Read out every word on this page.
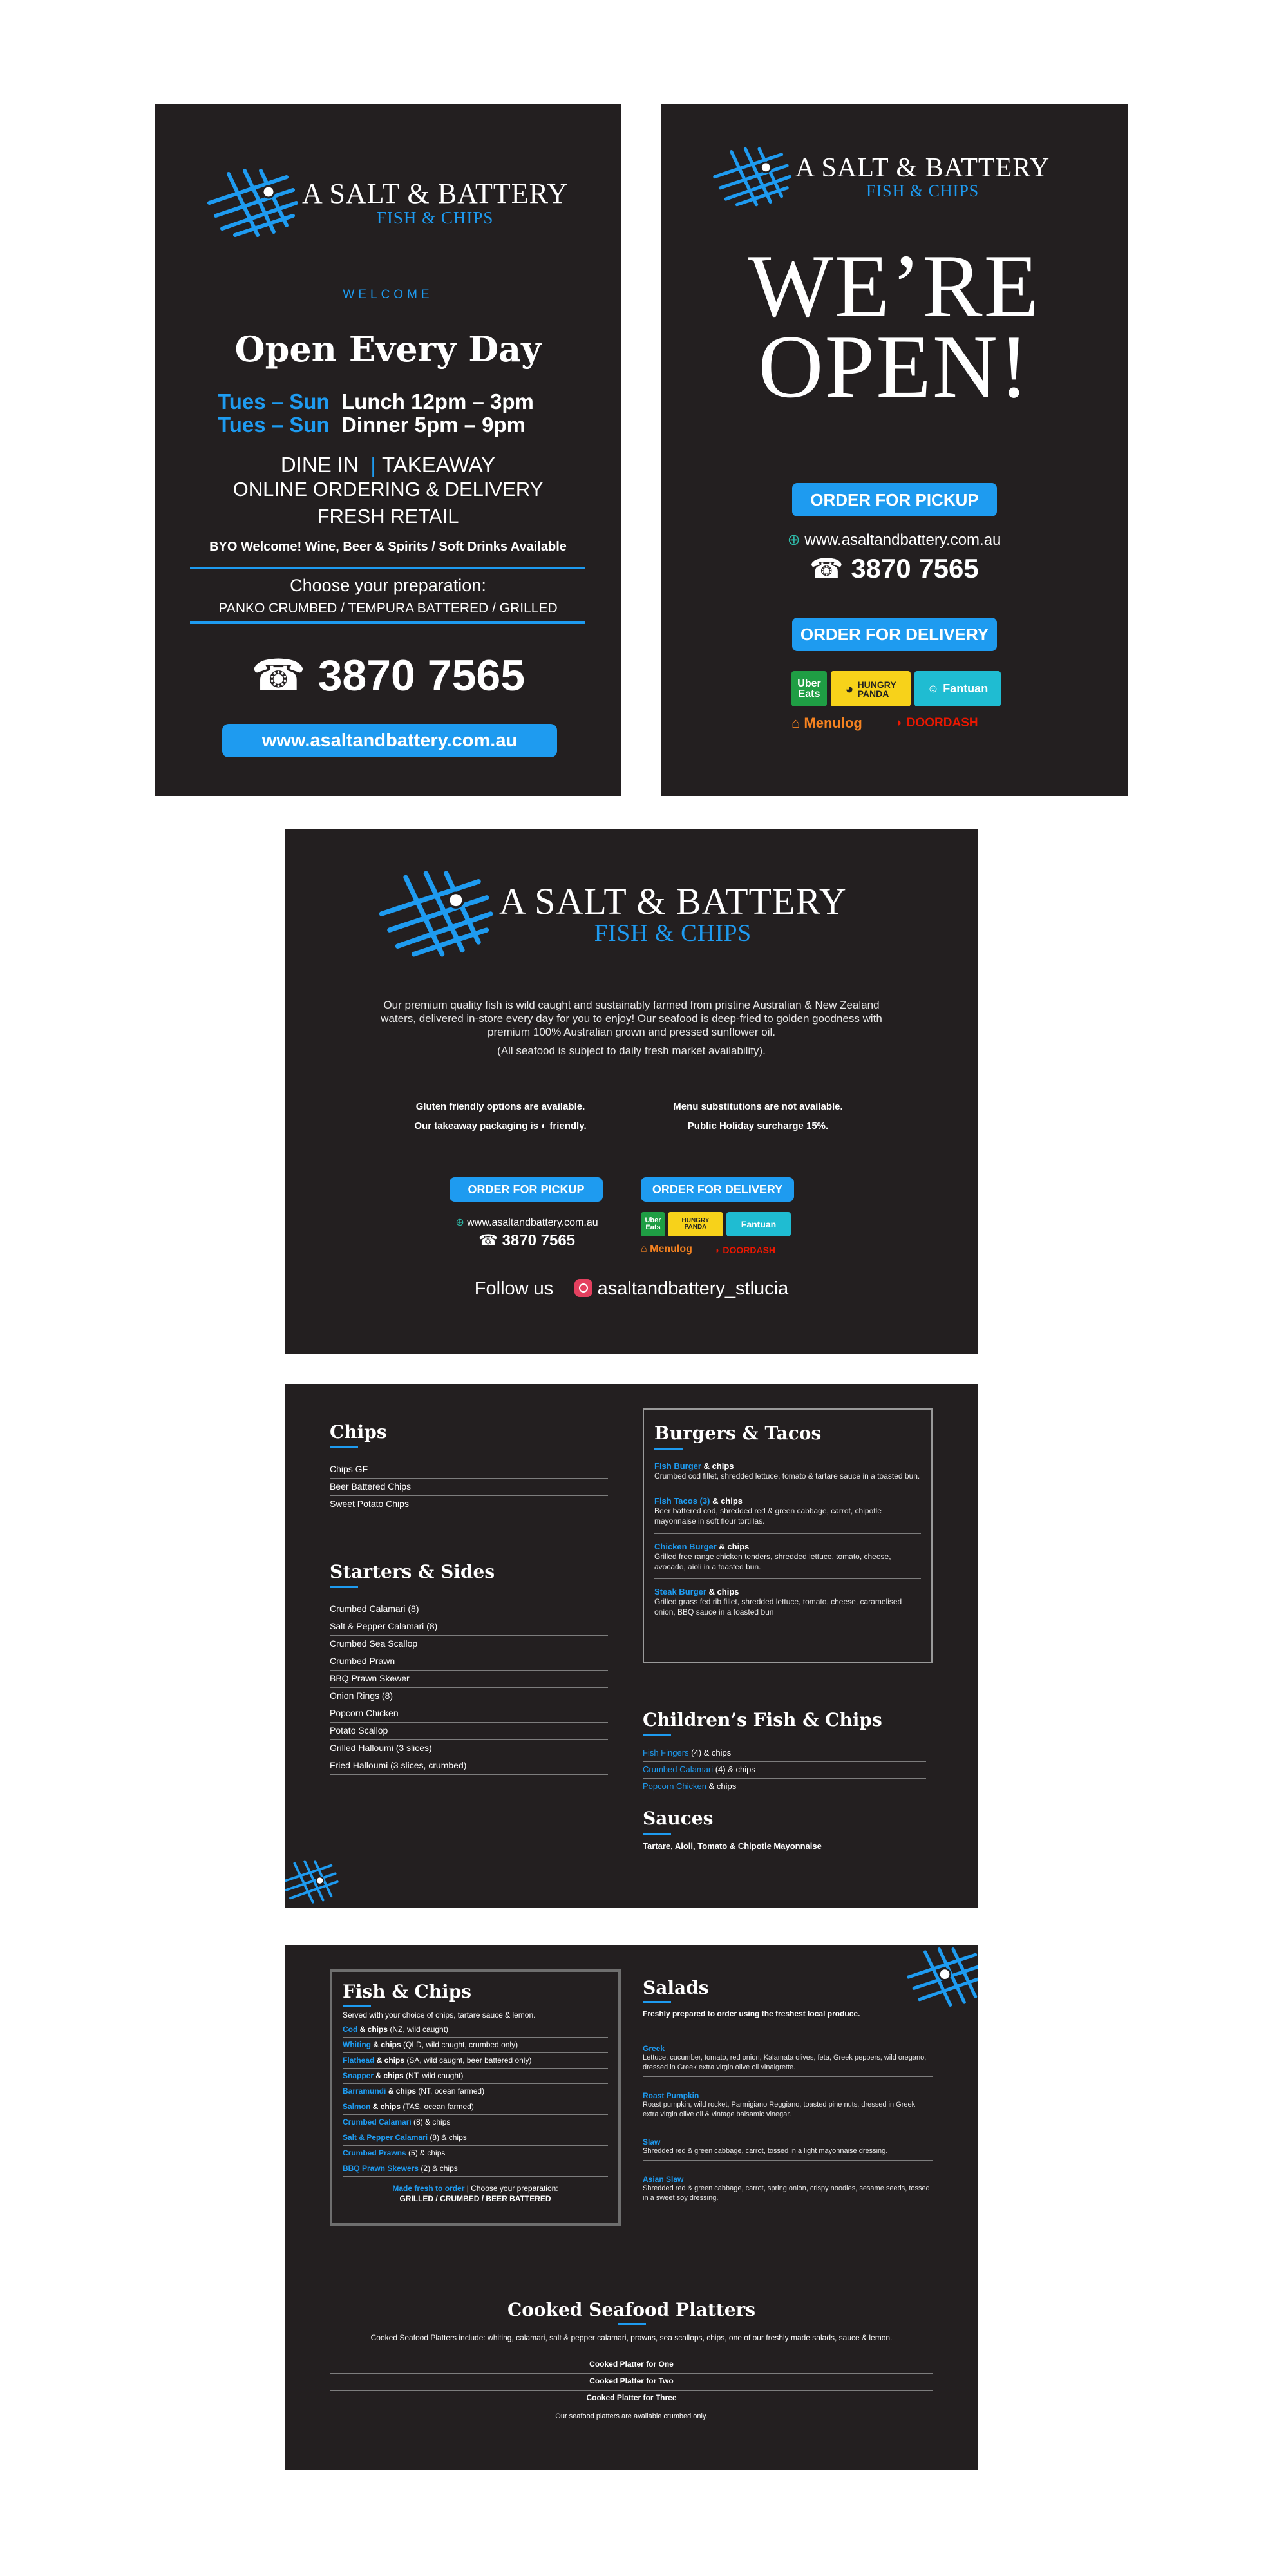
A SALT & BATTERY
FISH & CHIPS
WELCOME
Open Every Day
Tues – Sun Lunch 12pm – 3pm
Tues – Sun Dinner 5pm – 9pm
DINE IN | TAKEAWAY
ONLINE ORDERING & DELIVERY
FRESH RETAIL
BYO Welcome! Wine, Beer & Spirits / Soft Drinks Available
Choose your preparation:
PANKO CRUMBED / TEMPURA BATTERED / GRILLED
☎ 3870 7565
www.asaltandbattery.com.au
A SALT & BATTERY
FISH & CHIPS
WE’RE
OPEN!
ORDER FOR PICKUP
⊕ www.asaltandbattery.com.au
☎ 3870 7565
ORDER FOR DELIVERY
Uber
Eats ◕ HUNGRY
PANDA	☺ Fantuan
⌂ Menulog	◗ DOORDASH
A SALT & BATTERY
FISH & CHIPS
Our premium quality fish is wild caught and sustainably farmed from pristine Australian & New Zealand waters, delivered in-store every day for you to enjoy! Our seafood is deep-fried to golden goodness with premium 100% Australian grown and pressed sunflower oil.
(All seafood is subject to daily fresh market availability).
Gluten friendly options are available.
Our takeaway packaging is ◐ friendly.
Menu substitutions are not available.
Public Holiday surcharge 15%.
ORDER FOR PICKUP	ORDER FOR DELIVERY
⊕ www.asaltandbattery.com.au
☎ 3870 7565
Uber
Eats
HUNGRY
PANDA	Fantuan
⌂ Menulog	◗ DOORDASH
Follow us asaltandbattery_stlucia
Chips
Chips GF
Beer Battered Chips
Sweet Potato Chips
Starters & Sides
Crumbed Calamari (8)
Salt & Pepper Calamari (8)
Crumbed Sea Scallop
Crumbed Prawn
BBQ Prawn Skewer
Onion Rings (8)
Popcorn Chicken
Potato Scallop
Grilled Halloumi (3 slices)
Fried Halloumi (3 slices, crumbed)
Burgers & Tacos
Fish Burger & chips
Crumbed cod fillet, shredded lettuce, tomato & tartare sauce in a toasted bun.
Fish Tacos (3) & chips
Beer battered cod, shredded red & green cabbage, carrot, chipotle mayonnaise in soft flour tortillas.
Chicken Burger & chips
Grilled free range chicken tenders, shredded lettuce, tomato, cheese, avocado, aioli in a toasted bun.
Steak Burger & chips
Grilled grass fed rib fillet, shredded lettuce, tomato, cheese, caramelised onion, BBQ sauce in a toasted bun
Children’s Fish & Chips
Fish Fingers (4) & chips
Crumbed Calamari (4) & chips
Popcorn Chicken & chips
Sauces
Tartare, Aioli, Tomato & Chipotle Mayonnaise
Fish & Chips
Served with your choice of chips, tartare sauce & lemon.
Cod & chips (NZ, wild caught)
Whiting & chips (QLD, wild caught, crumbed only)
Flathead & chips (SA, wild caught, beer battered only)
Snapper & chips (NT, wild caught)
Barramundi & chips (NT, ocean farmed)
Salmon & chips (TAS, ocean farmed)
Crumbed Calamari (8) & chips
Salt & Pepper Calamari (8) & chips
Crumbed Prawns (5) & chips
BBQ Prawn Skewers (2) & chips
Made fresh to order | Choose your preparation:
GRILLED / CRUMBED / BEER BATTERED
Salads
Freshly prepared to order using the freshest local produce.
Greek
Lettuce, cucumber, tomato, red onion, Kalamata olives, feta, Greek peppers, wild oregano, dressed in Greek extra virgin olive oil vinaigrette.
Roast Pumpkin
Roast pumpkin, wild rocket, Parmigiano Reggiano, toasted pine nuts, dressed in Greek extra virgin olive oil & vintage balsamic vinegar.
Slaw
Shredded red & green cabbage, carrot, tossed in a light mayonnaise dressing.
Asian Slaw
Shredded red & green cabbage, carrot, spring onion, crispy noodles, sesame seeds, tossed in a sweet soy dressing.
Cooked Seafood Platters
Cooked Seafood Platters include: whiting, calamari, salt & pepper calamari, prawns, sea scallops, chips, one of our freshly made salads, sauce & lemon.
Cooked Platter for One
Cooked Platter for Two
Cooked Platter for Three
Our seafood platters are available crumbed only.
